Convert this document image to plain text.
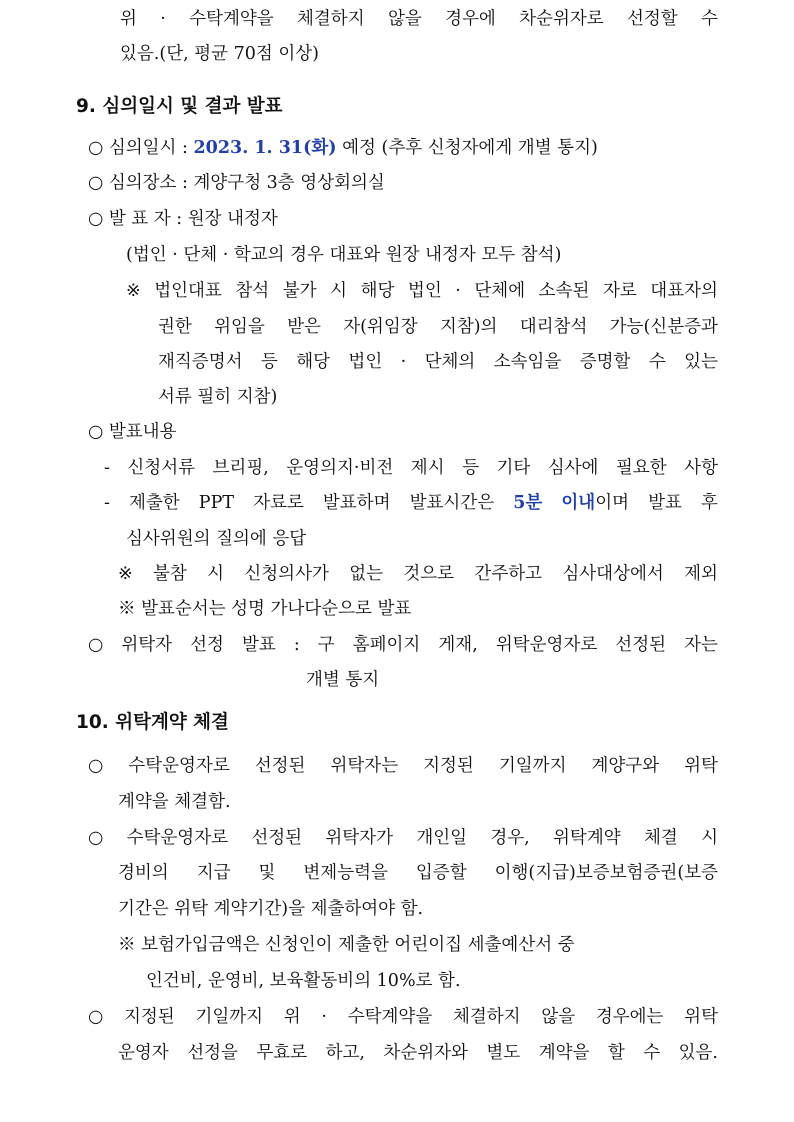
위 · 수탁계약을 체결하지 않을 경우에 차순위자로 선정할 수
있음.(단, 평균 70점 이상)
9. 심의일시 및 결과 발표
○ 심의일시 : 2023. 1. 31(화) 예정 (추후 신청자에게 개별 통지)
○ 심의장소 : 계양구청 3층 영상회의실
○ 발 표 자 : 원장 내정자
(법인 · 단체 · 학교의 경우 대표와 원장 내정자 모두 참석)
※ 법인대표 참석 불가 시 해당 법인 · 단체에 소속된 자로 대표자의
권한 위임을 받은 자(위임장 지참)의 대리참석 가능(신분증과
재직증명서 등 해당 법인 · 단체의 소속임을 증명할 수 있는
서류 필히 지참)
○ 발표내용
- 신청서류 브리핑, 운영의지·비전 제시 등 기타 심사에 필요한 사항
- 제출한 PPT 자료로 발표하며 발표시간은 5분 이내이며 발표 후
심사위원의 질의에 응답
※ 불참 시 신청의사가 없는 것으로 간주하고 심사대상에서 제외
※ 발표순서는 성명 가나다순으로 발표
○ 위탁자 선정 발표 : 구 홈페이지 게재, 위탁운영자로 선정된 자는
개별 통지
10. 위탁계약 체결
○ 수탁운영자로 선정된 위탁자는 지정된 기일까지 계양구와 위탁
계약을 체결함.
○ 수탁운영자로 선정된 위탁자가 개인일 경우, 위탁계약 체결 시
경비의 지급 및 변제능력을 입증할 이행(지급)보증보험증권(보증
기간은 위탁 계약기간)을 제출하여야 함.
※ 보험가입금액은 신청인이 제출한 어린이집 세출예산서 중
인건비, 운영비, 보육활동비의 10%로 함.
○ 지정된 기일까지 위 · 수탁계약을 체결하지 않을 경우에는 위탁
운영자 선정을 무효로 하고, 차순위자와 별도 계약을 할 수 있음.
